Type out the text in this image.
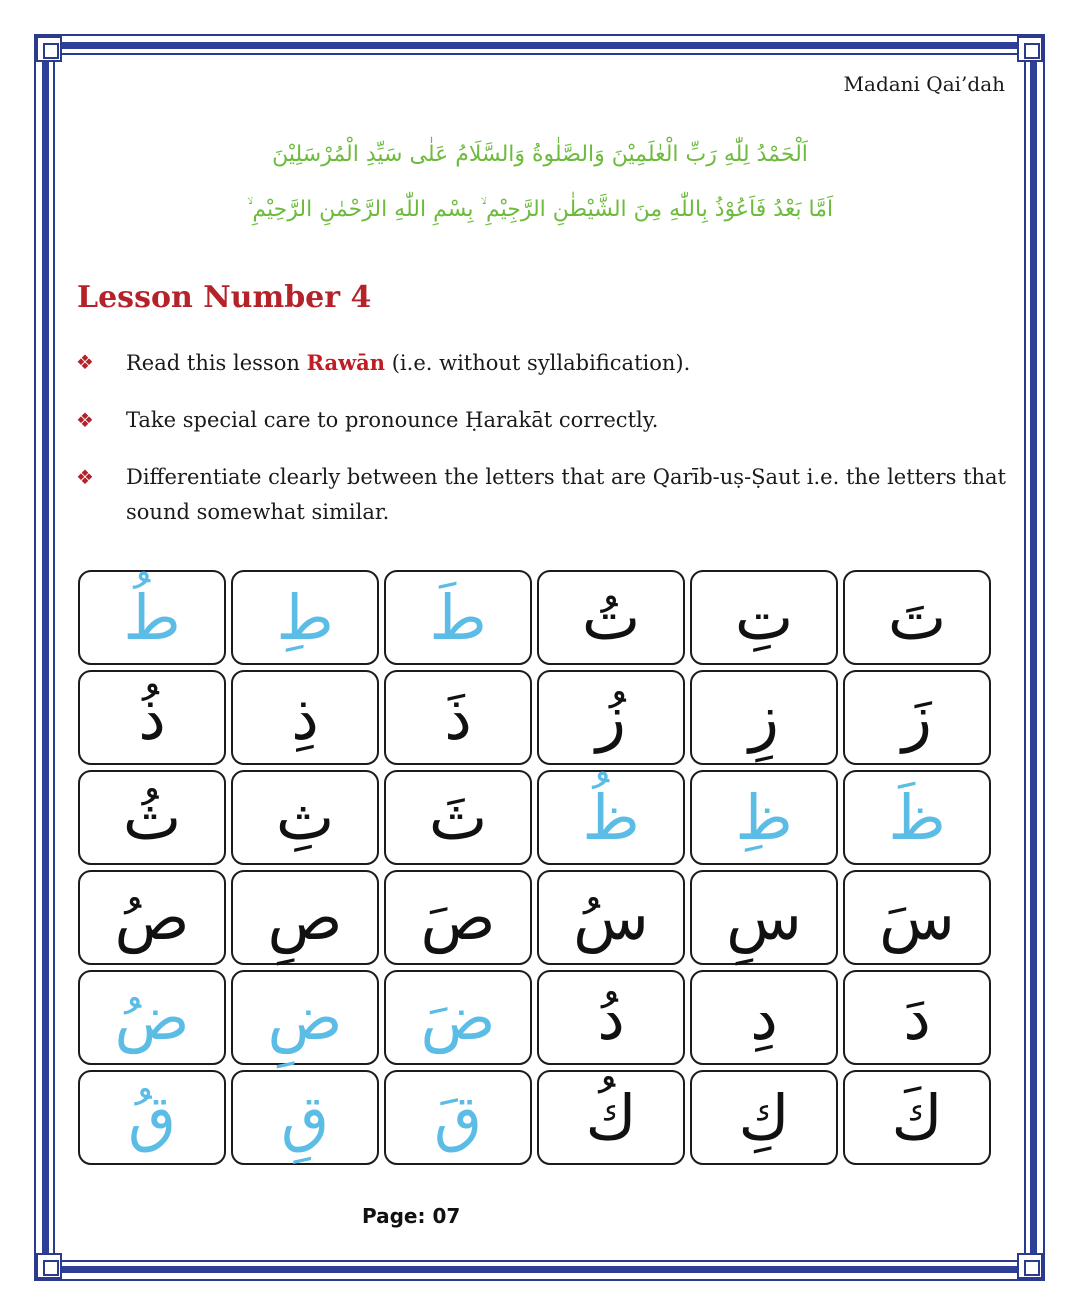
Madani Qai’dah
اَلْحَمْدُ لِلّٰهِ رَبِّ الْعٰلَمِيْنَ وَالصَّلٰوةُ وَالسَّلَامُ عَلٰى سَيِّدِ الْمُرْسَلِيْنَ
اَمَّا بَعْدُ فَاَعُوْذُ بِاللّٰهِ مِنَ الشَّيْطٰنِ الرَّجِيْمِ ۙ بِسْمِ اللّٰهِ الرَّحْمٰنِ الرَّحِيْمِ ۙ
Lesson Number 4
❖ Read this lesson Rawān (i.e. without syllabification).
❖ Take special care to pronounce Ḥarakāt correctly.
❖ Differentiate clearly between the letters that are Qarīb-uṣ-Ṣaut i.e. the letters that sound somewhat similar.
طُ	طِ	طَ	تُ	تِ	تَ
ذُ	ذِ	ذَ	زُ	زِ	زَ
ثُ	ثِ	ثَ	ظُ	ظِ	ظَ
صُ	صِ	صَ	سُ	سِ	سَ
ضُ	ضِ	ضَ	دُ	دِ	دَ
قُ	قِ	قَ	كُ	كِ	كَ
Page: 07
